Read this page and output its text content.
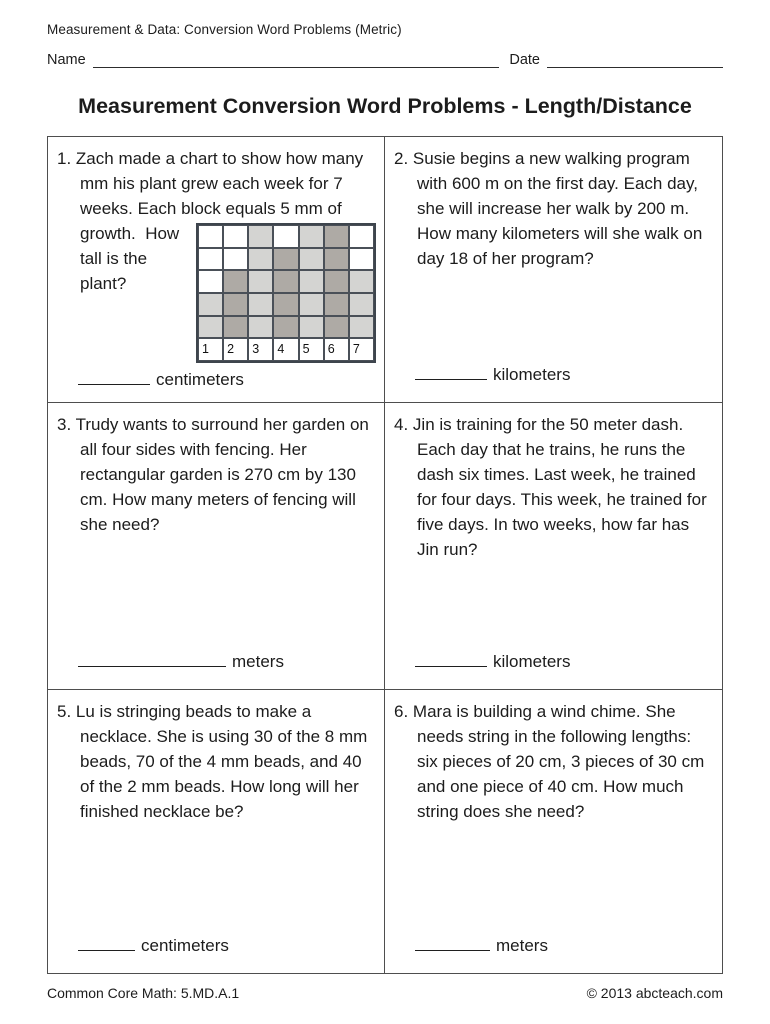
Measurement & Data: Conversion Word Problems (Metric)
Name	Date
Measurement Conversion Word Problems - Length/Distance

1. Zach made a chart to show how many mm his plant grew each week for 7 weeks. Each block equals 5 mm of
1	2	3	4	5	6	7
growth.  How tall is the plant?

centimeters

2. Susie begins a new walking program with 600 m on the first day. Each day, she will increase her walk by 200 m. How many kilometers will she walk on day 18 of her program?

kilometers

3. Trudy wants to surround her garden on all four sides with fencing. Her rectangular garden is 270 cm by 130 cm. How many meters of fencing will she need?

meters

4. Jin is training for the 50 meter dash. Each day that he trains, he runs the dash six times. Last week, he trained for four days. This week, he trained for five days. In two weeks, how far has Jin run?

kilometers

5. Lu is stringing beads to make a necklace. She is using 30 of the 8 mm beads, 70 of the 4 mm beads, and 40 of the 2 mm beads. How long will her finished necklace be?

centimeters

6. Mara is building a wind chime. She needs string in the following lengths: six pieces of 20 cm, 3 pieces of 30 cm and one piece of 40 cm. How much string does she need?

meters
Common Core Math: 5.MD.A.1	© 2013 abcteach.com
